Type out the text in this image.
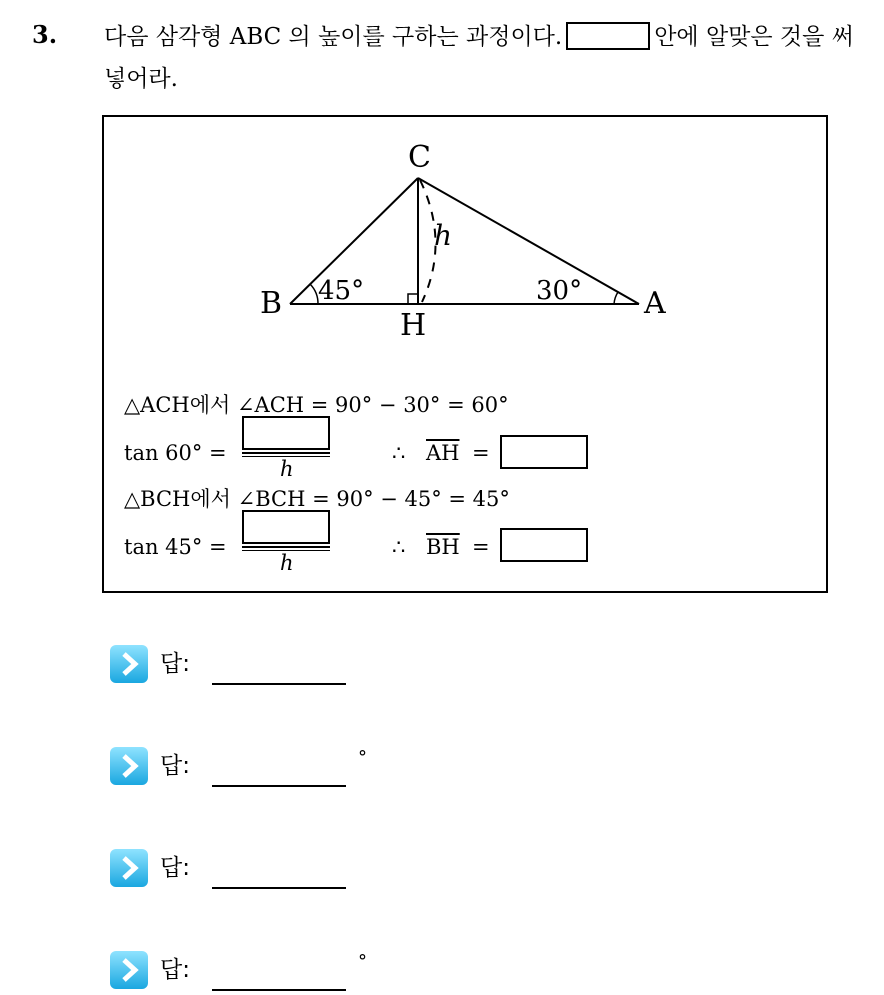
3. 다음 삼각형 ABC 의 높이를 구하는 과정이다.	안에 알맞은 것을 써넣어라.
C
B	A
H
h
45°	30°
△ACH에서 ∠ACH = 90° − 30° = 60°
tan 60° =
h
∴ $\overline{AH}$ =
△BCH에서 ∠BCH = 90° − 45° = 45°
tan 45° =
h
∴ $\overline{BH}$ =
답:
답:	°
답:
답:	°
